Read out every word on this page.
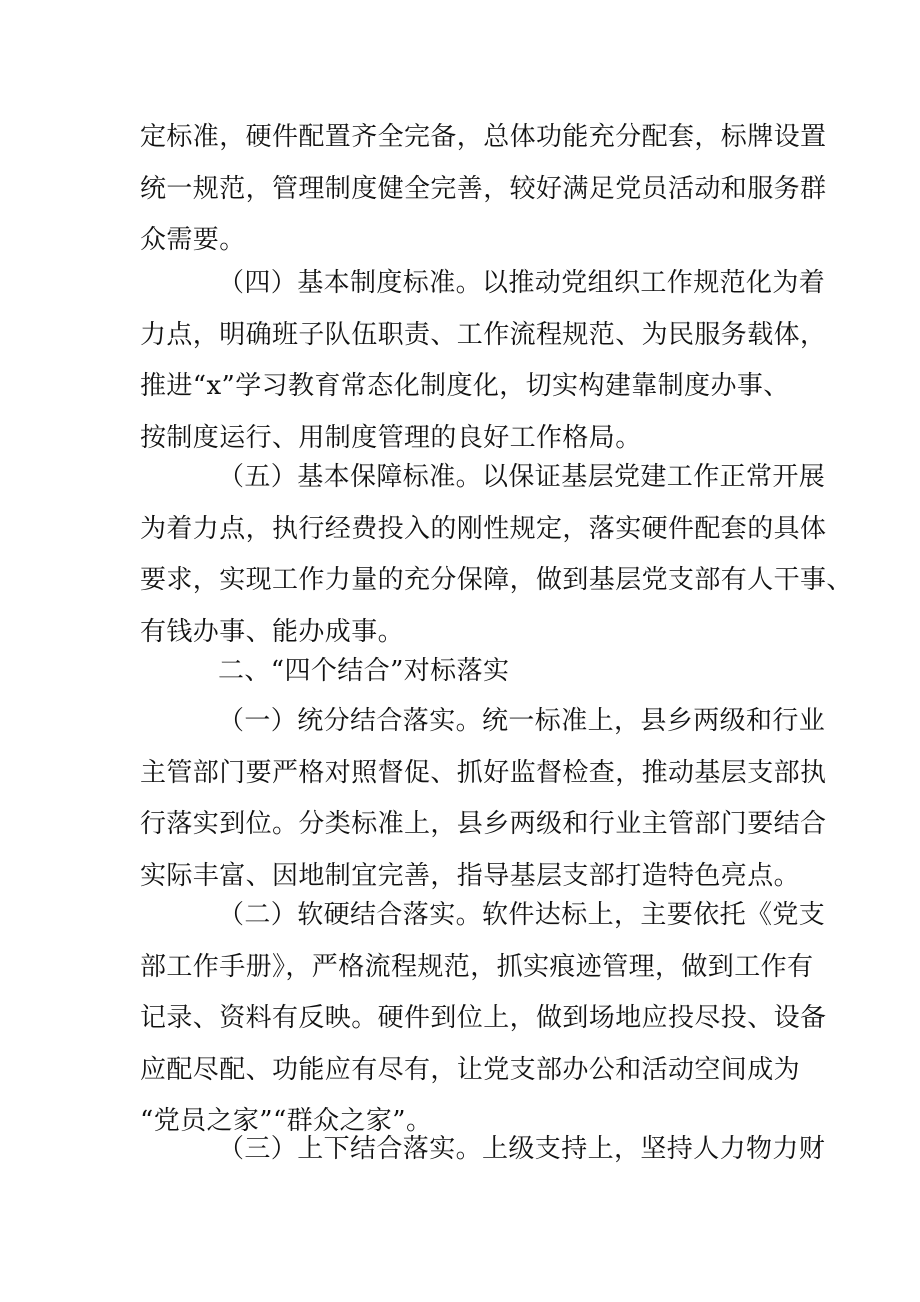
定标准，硬件配置齐全完备，总体功能充分配套，标牌设置
统一规范，管理制度健全完善，较好满足党员活动和服务群
众需要。
（四）基本制度标准。以推动党组织工作规范化为着
力点，明确班子队伍职责、工作流程规范、为民服务载体，
推进“x”学习教育常态化制度化，切实构建靠制度办事、
按制度运行、用制度管理的良好工作格局。
（五）基本保障标准。以保证基层党建工作正常开展
为着力点，执行经费投入的刚性规定，落实硬件配套的具体
要求，实现工作力量的充分保障，做到基层党支部有人干事、
有钱办事、能办成事。
二、“四个结合”对标落实
（一）统分结合落实。统一标准上，县乡两级和行业
主管部门要严格对照督促、抓好监督检查，推动基层支部执
行落实到位。分类标准上，县乡两级和行业主管部门要结合
实际丰富、因地制宜完善，指导基层支部打造特色亮点。
（二）软硬结合落实。软件达标上，主要依托《党支
部工作手册》，严格流程规范，抓实痕迹管理，做到工作有
记录、资料有反映。硬件到位上，做到场地应投尽投、设备
应配尽配、功能应有尽有，让党支部办公和活动空间成为
“党员之家”“群众之家”。
（三）上下结合落实。上级支持上，坚持人力物力财
